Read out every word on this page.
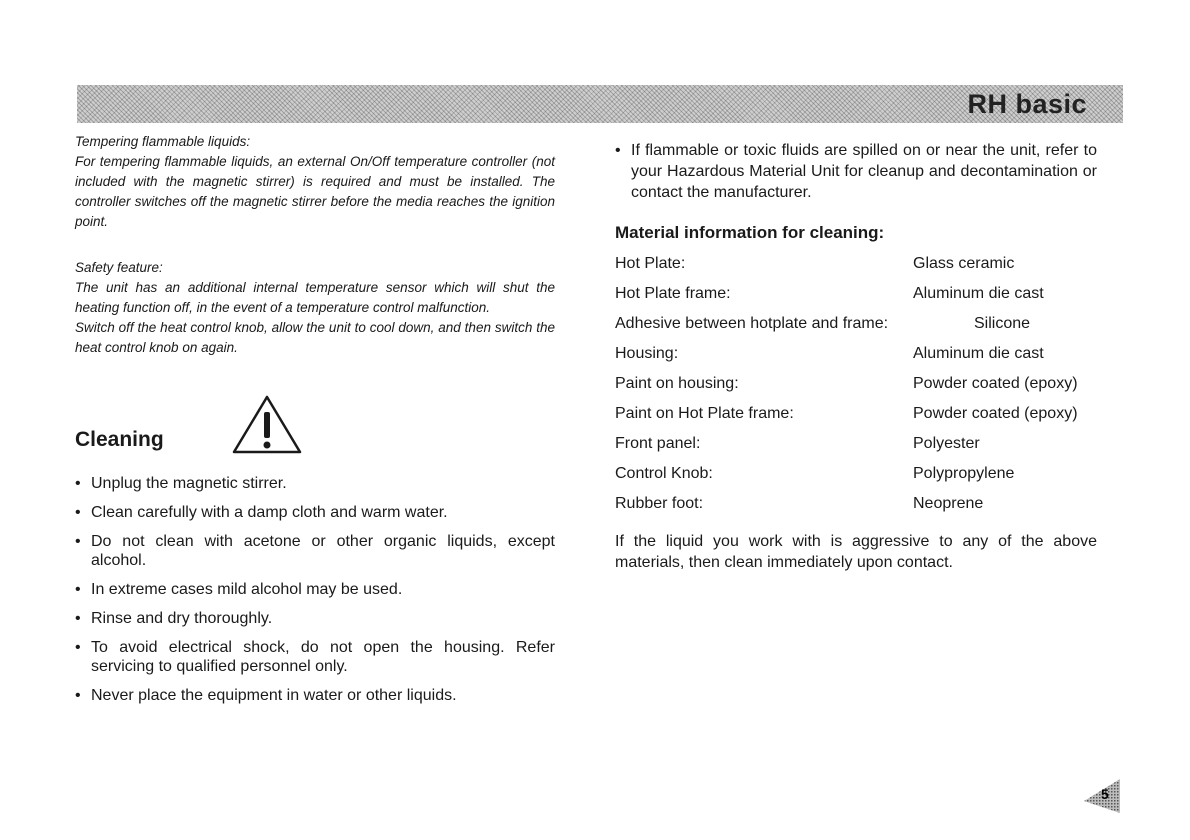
RH basic

Tempering flammable liquids:

For tempering flammable liquids, an external On/Off temperature controller (not included with the magnetic stirrer) is required and must be installed. The controller switches off the magnetic stirrer before the media reaches the ignition point.

Safety feature:

The unit has an additional internal temperature sensor which will shut the heating function off, in the event of a temperature control malfunction.

Switch off the heat control knob, allow the unit to cool down, and then switch the heat control knob on again.

Cleaning
• Unplug the magnetic stirrer.
• Clean carefully with a damp cloth and warm water.
• Do not clean with acetone or other organic liquids, except alcohol.
• In extreme cases mild alcohol may be used.
• Rinse and dry thoroughly.
• To avoid electrical shock, do not open the housing. Refer servicing to qualified personnel only.
• Never place the equipment in water or other liquids.
• If flammable or toxic fluids are spilled on or near the unit, refer to your Hazardous Material Unit for cleanup and decontamination or contact the manufacturer.
Material information for cleaning:
Hot Plate:	Glass ceramic
Hot Plate frame:	Aluminum die cast
Adhesive between hotplate and frame:	Silicone
Housing:	Aluminum die cast
Paint on housing:	Powder coated (epoxy)
Paint on Hot Plate frame:	Powder coated (epoxy)
Front panel:	Polyester
Control Knob:	Polypropylene
Rubber foot:	Neoprene

If the liquid you work with is aggressive to any of the above materials, then clean immediately upon contact.

5
